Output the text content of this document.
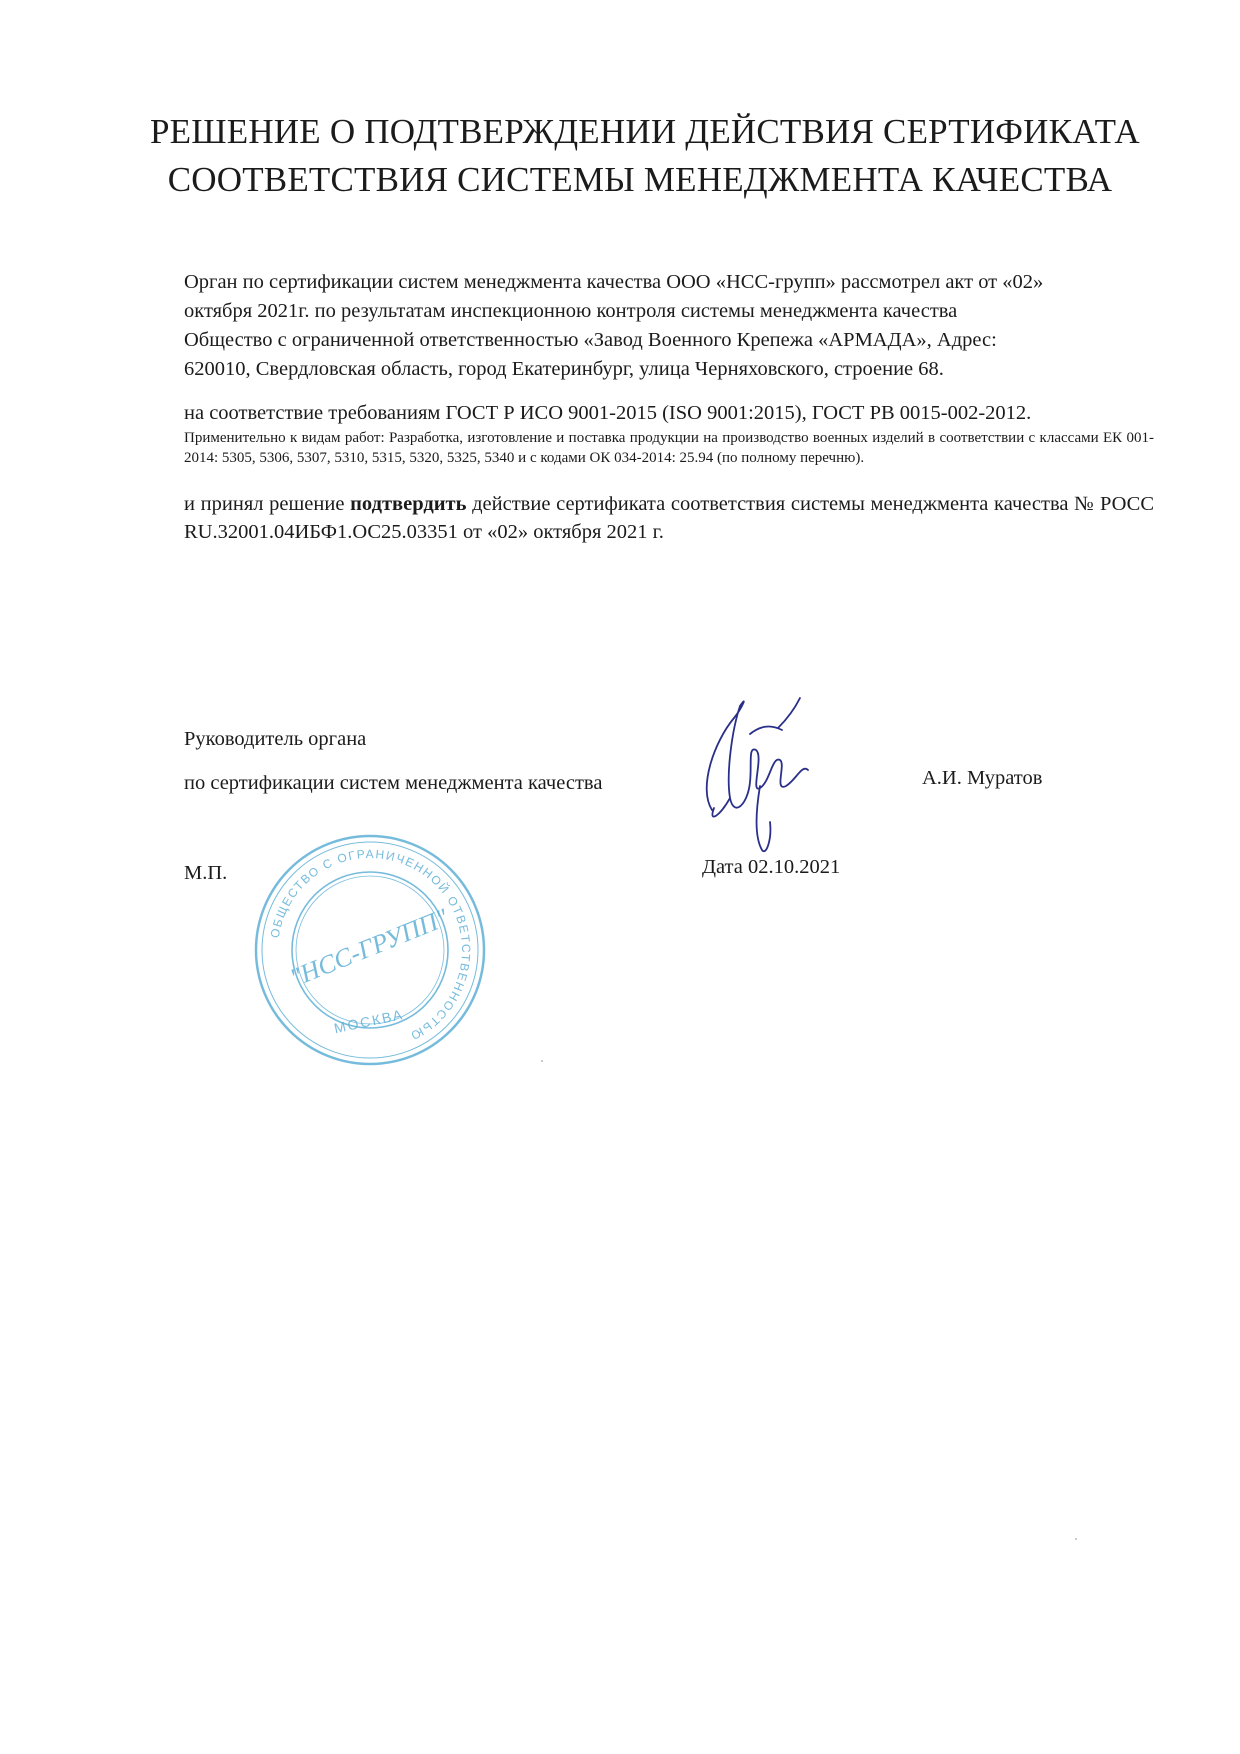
РЕШЕНИЕ О ПОДТВЕРЖДЕНИИ ДЕЙСТВИЯ СЕРТИФИКАТА
СООТВЕТСТВИЯ СИСТЕМЫ МЕНЕДЖМЕНТА КАЧЕСТВА
Орган по сертификации систем менеджмента качества ООО «НСС-групп» рассмотрел акт от «02»
октября 2021г. по результатам инспекционною контроля системы менеджмента качества
Общество с ограниченной ответственностью «Завод Военного Крепежа «АРМАДА», Адрес:
620010, Свердловская область, город Екатеринбург, улица Черняховского, строение 68.
на соответствие требованиям ГОСТ Р ИСО 9001-2015 (ISO 9001:2015), ГОСТ РВ 0015-002-2012.
Применительно к видам работ: Разработка, изготовление и поставка продукции на производство военных изделий в соответствии с классами ЕК 001-2014: 5305, 5306, 5307, 5310, 5315, 5320, 5325, 5340 и с кодами ОК 034-2014: 25.94 (по полному перечню).
и принял решение подтвердить действие сертификата соответствия системы менеджмента качества № РОСС RU.32001.04ИБФ1.ОС25.03351 от «02» октября 2021 г.
Руководитель органа
по сертификации систем менеджмента качества	А.И. Муратов
М.П.	Дата 02.10.2021
ОБЩЕСТВО С ОГРАНИЧЕННОЙ ОТВЕТСТВЕННОСТЬЮ
"НСС-ГРУПП"
МОСКВА
